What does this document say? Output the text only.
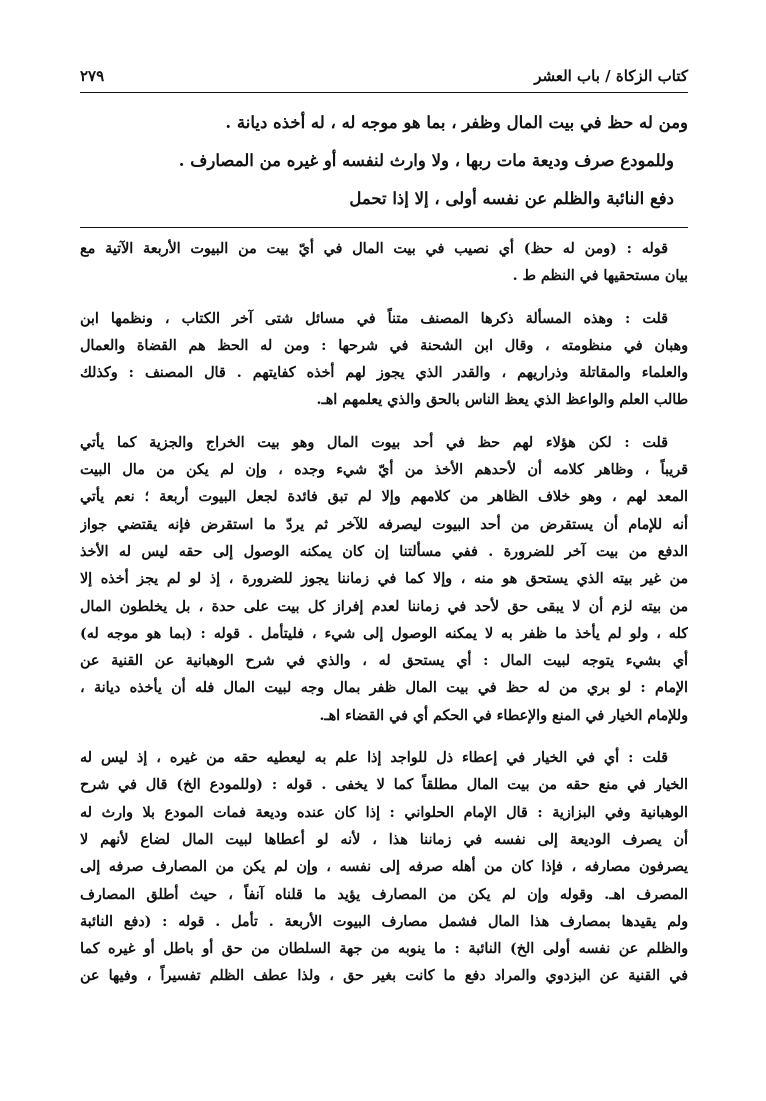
كتاب الزكاة / باب العشر
٢٧٩
ومن له حظ في بيت المال وظفر ، بما هو موجه له ، له أخذه ديانة .
وللمودع صرف وديعة مات ربها ، ولا وارث لنفسه أو غيره من المصارف .
دفع النائبة والظلم عن نفسه أولى ، إلا إذا تحمل
قوله : (ومن له حظ) أي نصيب في بيت المال في أيّ بيت من البيوت الأربعة الآتية مع
بيان مستحقيها في النظم ط .
قلت : وهذه المسألة ذكرها المصنف متناً في مسائل شتى آخر الكتاب ، ونظمها ابن
وهبان في منظومته ، وقال ابن الشحنة في شرحها : ومن له الحظ هم القضاة والعمال
والعلماء والمقاتلة وذراريهم ، والقدر الذي يجوز لهم أخذه كفايتهم . قال المصنف : وكذلك
طالب العلم والواعظ الذي يعظ الناس بالحق والذي يعلمهم اهـ.
قلت : لكن هؤلاء لهم حظ في أحد بيوت المال وهو بيت الخراج والجزية كما يأتي
قريباً ، وظاهر كلامه أن لأحدهم الأخذ من أيّ شيء وجده ، وإن لم يكن من مال البيت
المعد لهم ، وهو خلاف الظاهر من كلامهم وإلا لم تبق فائدة لجعل البيوت أربعة ؛ نعم يأتي
أنه للإمام أن يستقرض من أحد البيوت ليصرفه للآخر ثم يردّ ما استقرض فإنه يقتضي جواز
الدفع من بيت آخر للضرورة . ففي مسألتنا إن كان يمكنه الوصول إلى حقه ليس له الأخذ
من غير بيته الذي يستحق هو منه ، وإلا كما في زماننا يجوز للضرورة ، إذ لو لم يجز أخذه إلا
من بيته لزم أن لا يبقى حق لأحد في زماننا لعدم إفراز كل بيت على حدة ، بل يخلطون المال
كله ، ولو لم يأخذ ما ظفر به لا يمكنه الوصول إلى شيء ، فليتأمل . قوله : (بما هو موجه له)
أي بشيء يتوجه لبيت المال : أي يستحق له ، والذي في شرح الوهبانية عن القنية عن
الإمام : لو بري من له حظ في بيت المال ظفر بمال وجه لبيت المال فله أن يأخذه ديانة ،
وللإمام الخيار في المنع والإعطاء في الحكم أي في القضاء اهـ.
قلت : أي في الخيار في إعطاء ذل للواجد إذا علم به ليعطيه حقه من غيره ، إذ ليس له
الخيار في منع حقه من بيت المال مطلقاً كما لا يخفى . قوله : (وللمودع الخ) قال في شرح
الوهبانية وفي البزازية : قال الإمام الحلواني : إذا كان عنده وديعة فمات المودع بلا وارث له
أن يصرف الوديعة إلى نفسه في زماننا هذا ، لأنه لو أعطاها لبيت المال لضاع لأنهم لا
يصرفون مصارفه ، فإذا كان من أهله صرفه إلى نفسه ، وإن لم يكن من المصارف صرفه إلى
المصرف اهـ. وقوله وإن لم يكن من المصارف يؤيد ما قلناه آنفاً ، حيث أطلق المصارف
ولم يقيدها بمصارف هذا المال فشمل مصارف البيوت الأربعة . تأمل . قوله : (دفع النائبة
والظلم عن نفسه أولى الخ) النائبة : ما ينوبه من جهة السلطان من حق أو باطل أو غيره كما
في القنية عن البزدوي والمراد دفع ما كانت بغير حق ، ولذا عطف الظلم تفسيراً ، وفيها عن
